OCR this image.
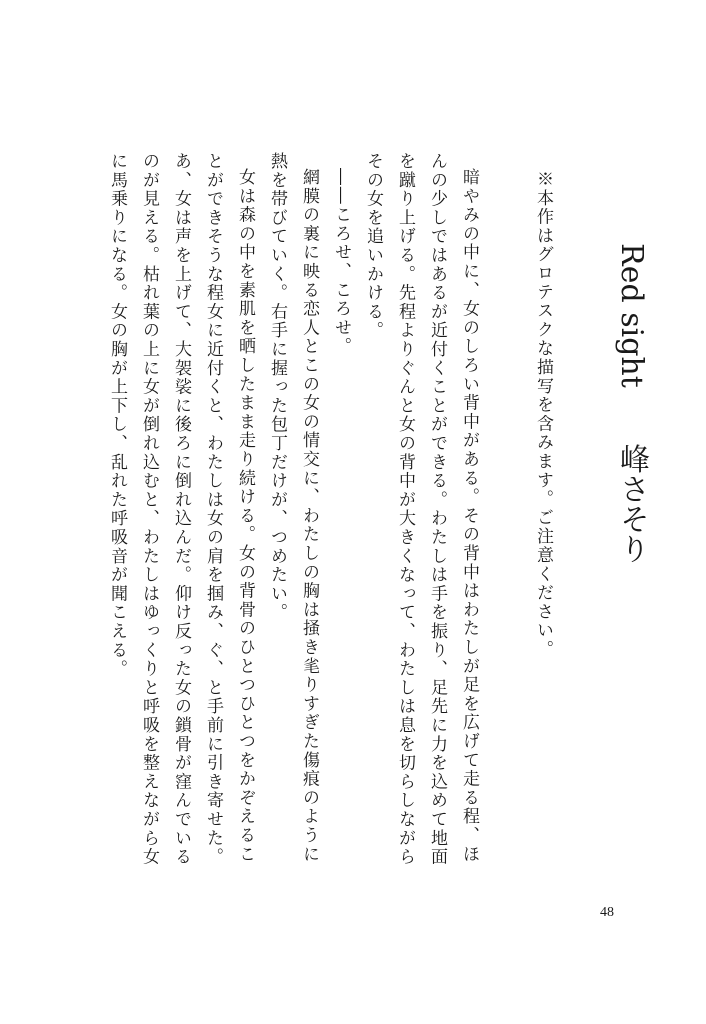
Red sight峰さそり

※本作はグロテスクな描写を含みます。ご注意ください。
暗やみの中に、女のしろい背中がある。その背中はわたしが足を広げて走る程、ほ
んの少しではあるが近付くことができる。わたしは手を振り、足先に力を込めて地面
を蹴り上げる。先程よりぐんと女の背中が大きくなって、わたしは息を切らしながら
その女を追いかける。
――ころせ、ころせ。
網膜の裏に映る恋人とこの女の情交に、わたしの胸は掻き毟りすぎた傷痕のように
熱を帯びていく。右手に握った包丁だけが、つめたい。
女は森の中を素肌を晒したまま走り続ける。女の背骨のひとつひとつをかぞえるこ
とができそうな程女に近付くと、わたしは女の肩を掴み、ぐ、と手前に引き寄せた。
あ、女は声を上げて、大袈裟に後ろに倒れ込んだ。仰け反った女の鎖骨が窪んでいる
のが見える。枯れ葉の上に女が倒れ込むと、わたしはゆっくりと呼吸を整えながら女
に馬乗りになる。女の胸が上下し、乱れた呼吸音が聞こえる。
48
